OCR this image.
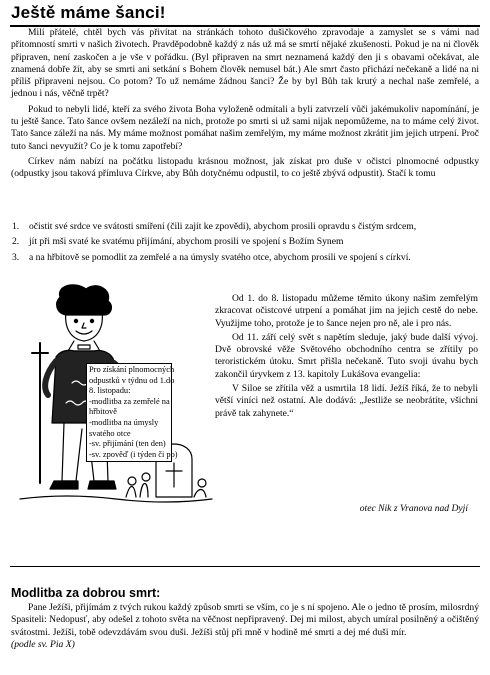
Ještě máme šanci!

Milí přátelé, chtěl bych vás přivítat na stránkách tohoto dušičkového zpravodaje a zamyslet se s vámi nad přítomností smrti v našich životech. Pravděpodobně každý z nás už má se smrtí nějaké zkušenosti. Pokud je na ni člověk připraven, není zaskočen a je vše v pořádku. (Byl připraven na smrt neznamená každý den ji s obavami očekávat, ale znamená dobře žít, aby se smrti ani setkání s Bohem člověk nemusel bát.) Ale smrt často přichází nečekaně a lidé na ni příliš připraveni nejsou. Co potom? To už nemáme žádnou šanci? Že by byl Bůh tak krutý a nechal naše zemřelé, a jednou i nás, věčně trpět?

Pokud to nebyli lidé, kteří za svého života Boha vyloženě odmítali a byli zatvrzelí vůči jakémukoliv napomínání, je tu ještě šance. Tato šance ovšem nezáleží na nich, protože po smrti si už sami nijak nepomůžeme, na to máme celý život. Tato šance záleží na nás. My máme možnost pomáhat našim zemřelým, my máme možnost zkrátit jim jejich utrpení. Proč tuto šanci nevyužít? Co je k tomu zapotřebí?

Církev nám nabízí na počátku listopadu krásnou možnost, jak získat pro duše v očistci plnomocné odpustky (odpustky jsou taková přímluva Církve, aby Bůh dotyčnému odpustil, to co ještě zbývá odpustit). Stačí k tomu

1.	očistit své srdce ve svátosti smíření (čili zajít ke zpovědi), abychom prosili opravdu s čistým srdcem,
2.	jít při mši svaté ke svatému přijímání, abychom prosili ve spojení s Božím Synem
3.	a na hřbitově se pomodlit za zemřelé a na úmysly svatého otce, abychom prosili ve spojení s církví.
Pro získání plnomocných
odpustků v týdnu od 1.do
8. listopadu:
-modlitba za zemřelé na
hřbitově
-modlitba na úmysly
svatého otce
-sv. přijímání (ten den)
-sv. zpověď (i týden či po)

Od 1. do 8. listopadu můžeme těmito úkony našim zemřelým zkracovat očistcové utrpení a pomáhat jim na jejich cestě do nebe. Využijme toho, protože je to šance nejen pro ně, ale i pro nás.

Od 11. září celý svět s napětím sleduje, jaký bude další vývoj. Dvě obrovské věže Světového obchodního centra se zřítily po teroristickém útoku. Smrt přišla nečekaně. Tuto svoji úvahu bych zakončil úryvkem z 13. kapitoly Lukášova evangelia:

V Siloe se zřítila věž a usmrtila 18 lidí. Ježíš říká, že to nebyli větší viníci než ostatní. Ale dodává: „Jestliže se neobrátíte, všichni právě tak zahynete.“

otec Nik z Vranova nad Dyjí
Modlitba za dobrou smrt:

Pane Ježíši, přijímám z tvých rukou každý způsob smrti se vším, co je s ní spojeno. Ale o jedno tě prosím, milosrdný Spasiteli: Nedopusť, aby odešel z tohoto světa na věčnost nepřipravený. Dej mi milost, abych umíral posilněný a očištěný svátostmi. Ježíši, tobě odevzdávám svou duši. Ježíši stůj při mně v hodině mé smrti a dej mé duši mír.  (podle sv. Pia X)
